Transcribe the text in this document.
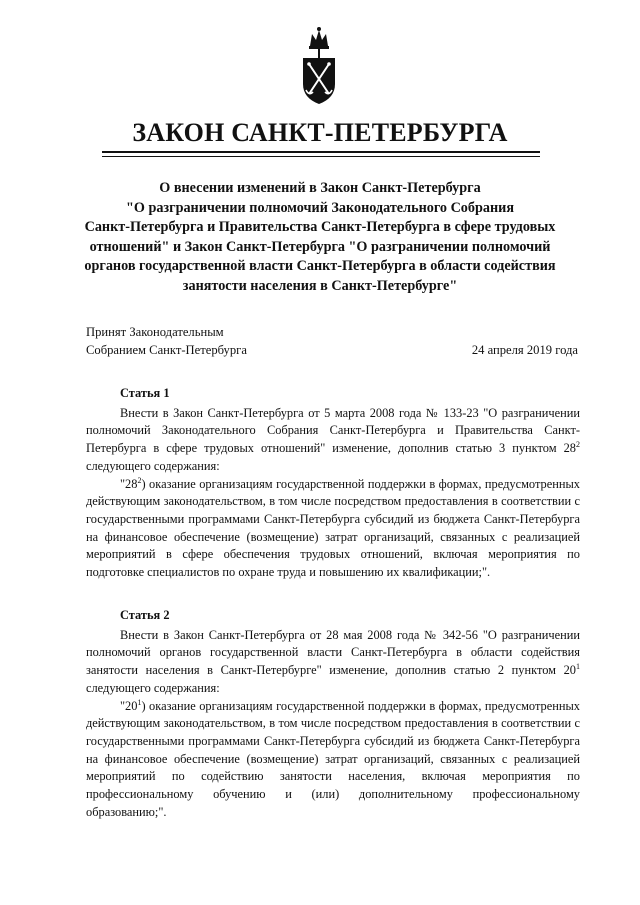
ЗАКОН САНКТ-ПЕТЕРБУРГА
О внесении изменений в Закон Санкт-Петербурга
"О разграничении полномочий Законодательного Собрания
Санкт-Петербурга и Правительства Санкт-Петербурга в сфере трудовых
отношений" и Закон Санкт-Петербурга "О разграничении полномочий
органов государственной власти Санкт-Петербурга в области содействия
занятости населения в Санкт-Петербурге"
Принят Законодательным
Собранием Санкт-Петербурга	24 апреля 2019 года
Статья 1

Внести в Закон Санкт-Петербурга от 5 марта 2008 года № 133-23 "О разграничении полномочий Законодательного Собрания Санкт-Петербурга и Правительства Санкт-Петербурга в сфере трудовых отношений" изменение, дополнив статью 3 пунктом $28^2$ следующего содержания:

"$28^2$) оказание организациям государственной поддержки в формах, предусмотренных действующим законодательством, в том числе посредством предоставления в соответствии с государственными программами Санкт-Петербурга субсидий из бюджета Санкт-Петербурга на финансовое обеспечение (возмещение) затрат организаций, связанных с реализацией мероприятий в сфере обеспечения трудовых отношений, включая мероприятия по подготовке специалистов по охране труда и повышению их квалификации;".

Статья 2

Внести в Закон Санкт-Петербурга от 28 мая 2008 года № 342-56 "О разграничении полномочий органов государственной власти Санкт-Петербурга в области содействия занятости населения в Санкт-Петербурге" изменение, дополнив статью 2 пунктом $20^1$ следующего содержания:

"$20^1$) оказание организациям государственной поддержки в формах, предусмотренных действующим законодательством, в том числе посредством предоставления в соответствии с государственными программами Санкт-Петербурга субсидий из бюджета Санкт-Петербурга на финансовое обеспечение (возмещение) затрат организаций, связанных с реализацией мероприятий по содействию занятости населения, включая мероприятия по профессиональному обучению и (или) дополнительному профессиональному образованию;".
